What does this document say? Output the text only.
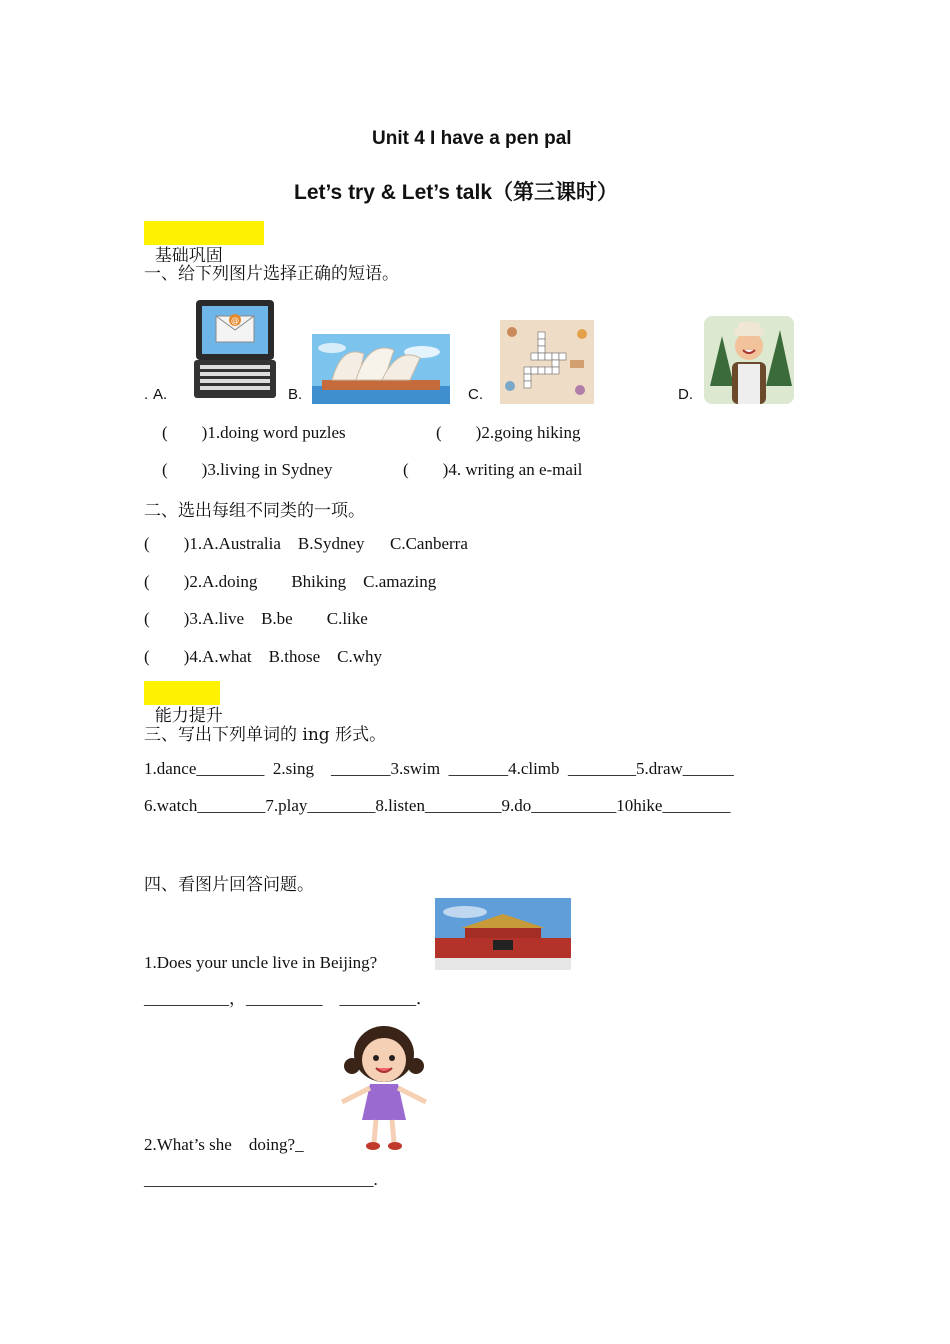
Unit 4 I have a pen pal
Let’s try & Let’s talk（第三课时）

基础巩固

一、给下列图片选择正确的短语。
. A.	B.	C.	D.
@
(        )1.doing word puzles	(        )2.going hiking
(        )3.living in Sydney	(        )4. writing an e-mail
二、选出每组不同类的一项。
(        )1.A.Australia    B.Sydney      C.Canberra
(        )2.A.doing        Bhiking    C.amazing
(        )3.A.live    B.be        C.like
(        )4.A.what    B.those    C.why

能力提升

三、写出下列单词的 ing 形式。
1.dance________  2.sing    _______3.swim  _______4.climb  ________5.draw______
6.watch________7.play________8.listen_________9.do__________10hike________
四、看图片回答问题。
1.Does your uncle live in Beijing?
__________，_________    _________．
2.What’s she    doing?_
___________________________.
